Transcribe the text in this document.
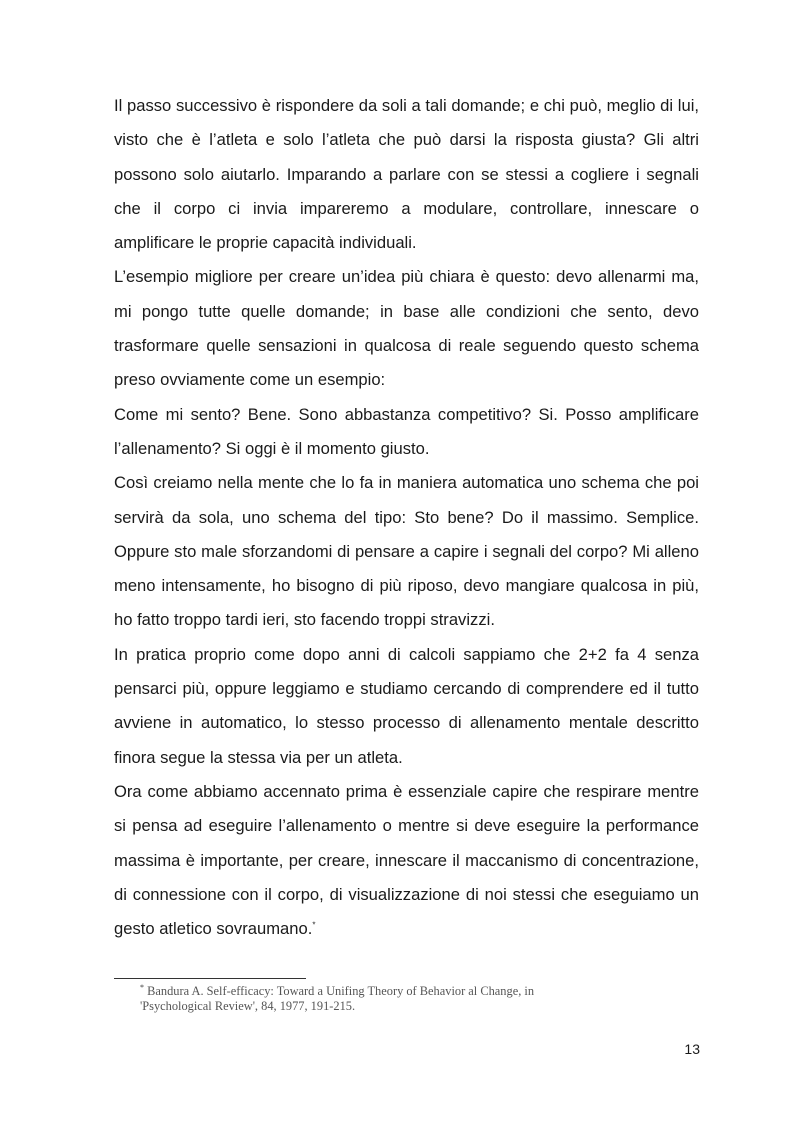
Il passo successivo è rispondere da soli a tali domande; e chi può, meglio di lui, visto che è l’atleta e solo l’atleta che può darsi la risposta giusta? Gli altri possono solo aiutarlo. Imparando a parlare con se stessi a cogliere i segnali che il corpo ci invia impareremo a modulare, controllare, innescare o amplificare le proprie capacità individuali.

L’esempio migliore per creare un’idea più chiara è questo: devo allenarmi ma, mi pongo tutte quelle domande; in base alle condizioni che sento, devo trasformare quelle sensazioni in qualcosa di reale seguendo questo schema preso ovviamente come un esempio:

Come mi sento? Bene. Sono abbastanza competitivo? Si. Posso amplificare l’allenamento? Si oggi è il momento giusto.

Così creiamo nella mente che lo fa in maniera automatica uno schema che poi servirà da sola, uno schema del tipo: Sto bene? Do il massimo. Semplice. Oppure sto male sforzandomi di pensare a capire i segnali del corpo? Mi alleno meno intensamente, ho bisogno di più riposo, devo mangiare qualcosa in più, ho fatto troppo tardi ieri, sto facendo troppi stravizzi.

In pratica proprio come dopo anni di calcoli sappiamo che 2+2 fa 4 senza pensarci più, oppure leggiamo e studiamo cercando di comprendere ed il tutto avviene in automatico, lo stesso processo di allenamento mentale descritto finora segue la stessa via per un atleta.

Ora come abbiamo accennato prima è essenziale capire che respirare mentre si pensa ad eseguire l’allenamento o mentre si deve eseguire la performance massima è importante, per creare, innescare il maccanismo di concentrazione, di connessione con il corpo, di visualizzazione di noi stessi che eseguiamo un gesto atletico sovraumano.*

* Bandura A. Self-efficacy: Toward a Unifing Theory of Behavior al Change, in 'Psychological Review', 84, 1977, 191-215.
13
